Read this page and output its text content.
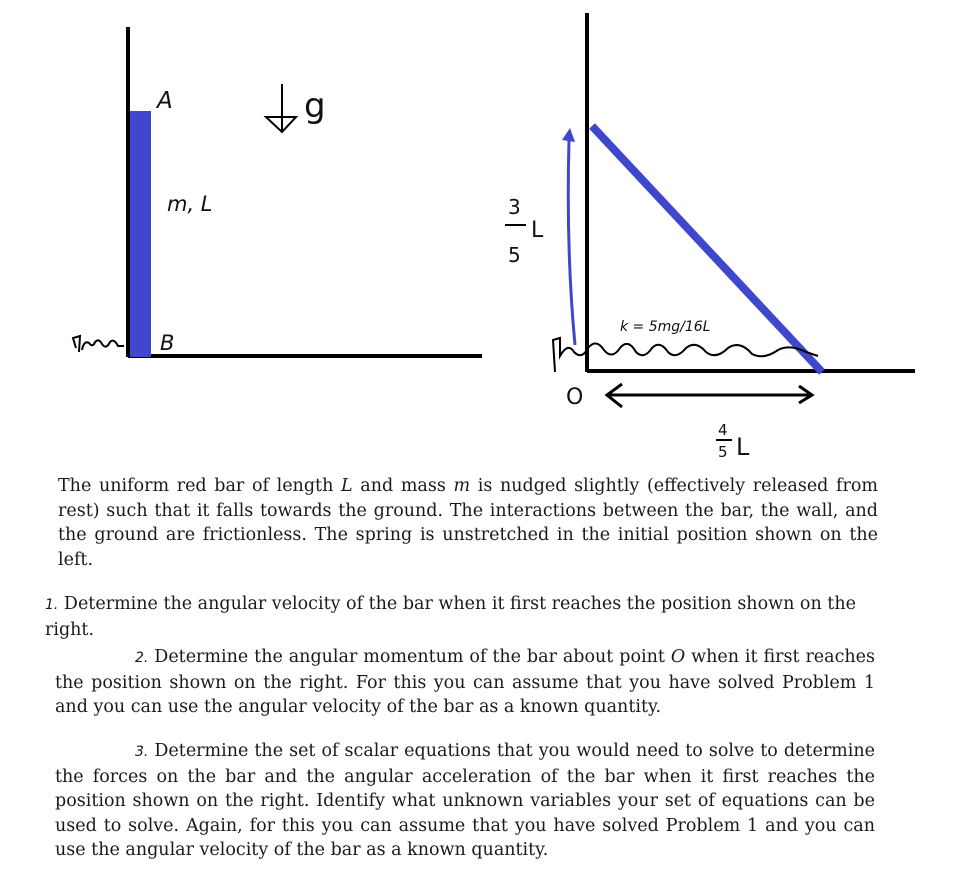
A
B
m, L
g
3
5
L
k = 5mg/16L
O
4
5 L

The uniform red bar of length L and mass m is nudged slightly (effectively released from rest) such that it falls towards the ground. The interactions between the bar, the wall, and the ground are frictionless. The spring is unstretched in the initial position shown on the left.

1. Determine the angular velocity of the bar when it first reaches the position shown on the right.

2. Determine the angular momentum of the bar about point O when it first reaches the position shown on the right. For this you can assume that you have solved Problem 1 and you can use the angular velocity of the bar as a known quantity.

3. Determine the set of scalar equations that you would need to solve to determine the forces on the bar and the angular acceleration of the bar when it first reaches the position shown on the right. Identify what unknown variables your set of equations can be used to solve. Again, for this you can assume that you have solved Problem 1 and you can use the angular velocity of the bar as a known quantity.
